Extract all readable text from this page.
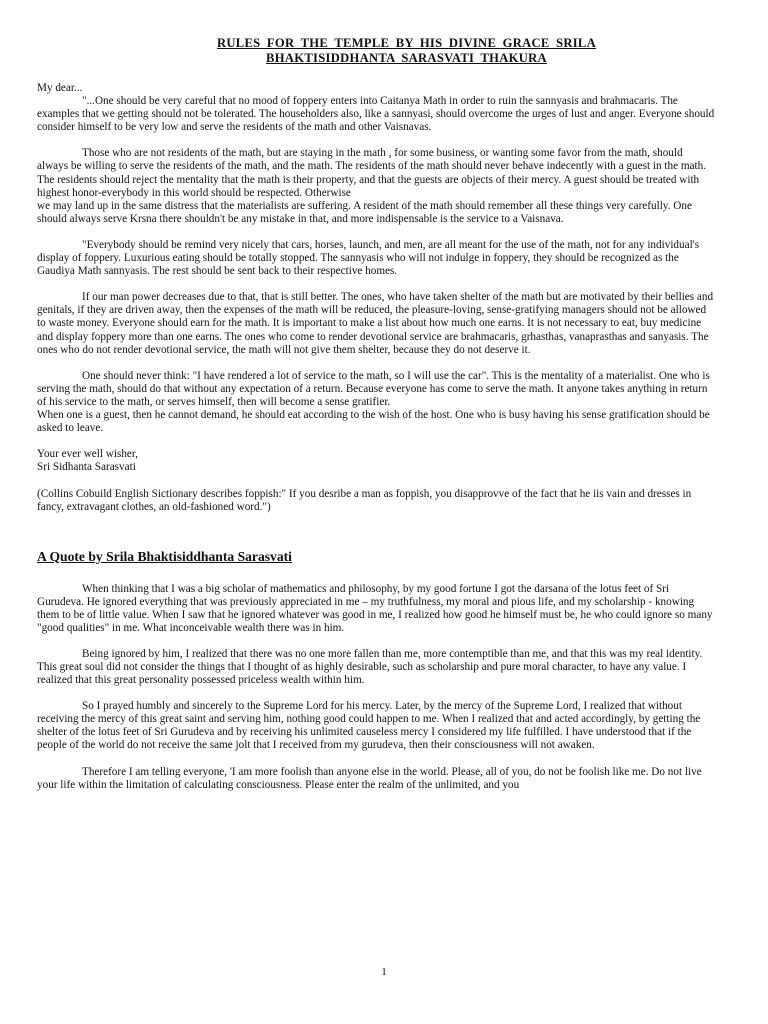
RULES FOR THE TEMPLE BY HIS DIVINE GRACE SRILA
BHAKTISIDDHANTA SARASVATI THAKURA

My dear...

"...One should be very careful that no mood of foppery enters into Caitanya Math in order to ruin the sannyasis and brahmacaris. The examples that we getting should not be tolerated. The householders also, like a sannyasi, should overcome the urges of lust and anger. Everyone should consider himself to be very low and serve the residents of the math and other Vaisnavas.

Those who are not residents of the math, but are staying in the math , for some business, or wanting some favor from the math, should always be willing to serve the residents of the math, and the math. The residents of the math should never behave indecently with a guest in the math. The residents should reject the mentality that the math is their property, and that the guests are objects of their mercy. A guest should be treated with highest honor-everybody in this world should be respected. Otherwise

we may land up in the same distress that the materialists are suffering. A resident of the math should remember all these things very carefully. One should always serve Krsna there shouldn't be any mistake in that, and more indispensable is the service to a Vaisnava.

"Everybody should be remind very nicely that cars, horses, launch, and men, are all meant for the use of the math, not for any individual's display of foppery. Luxurious eating should be totally stopped. The sannyasis who will not indulge in foppery, they should be recognized as the Gaudiya Math sannyasis. The rest should be sent back to their respective homes.

If our man power decreases due to that, that is still better. The ones, who have taken shelter of the math but are motivated by their bellies and genitals, if they are driven away, then the expenses of the math will be reduced, the pleasure-loving, sense-gratifying managers should not be allowed to waste money. Everyone should earn for the math. It is important to make a list about how much one earns. It is not necessary to eat, buy medicine and display foppery more than one earns. The ones who come to render devotional service are brahmacaris, grhasthas, vanaprasthas and sanyasis. The ones who do not render devotional service, the math will not give them shelter, because they do not deserve it.

One should never think: "I have rendered a lot of service to the math, so I will use the car". This is the mentality of a materialist. One who is serving the math, should do that without any expectation of a return. Because everyone has come to serve the math. It anyone takes anything in return of his service to the math, or serves himself, then will become a sense gratifier.

When one is a guest, then he cannot demand, he should eat according to the wish of the host. One who is busy having his sense gratification should be asked to leave.

Your ever well wisher,

Sri Sidhanta Sarasvati

(Collins Cobuild English Sictionary describes foppish:" If you desribe a man as foppish, you disapprovve of the fact that he iis vain and dresses in fancy, extravagant clothes, an old-fashioned word.")

A Quote by Srila Bhaktisiddhanta Sarasvati

When thinking that I was a big scholar of mathematics and philosophy, by my good fortune I got the darsana of the lotus feet of Sri Gurudeva. He ignored everything that was previously appreciated in me – my truthfulness, my moral and pious life, and my scholarship - knowing them to be of little value. When I saw that he ignored whatever was good in me, I realized how good he himself must be, he who could ignore so many "good qualities" in me. What inconceivable wealth there was in him.

Being ignored by him, I realized that there was no one more fallen than me, more contemptible than me, and that this was my real identity. This great soul did not consider the things that I thought of as highly desirable, such as scholarship and pure moral character, to have any value. I realized that this great personality possessed priceless wealth within him.

So I prayed humbly and sincerely to the Supreme Lord for his mercy. Later, by the mercy of the Supreme Lord, I realized that without receiving the mercy of this great saint and serving him, nothing good could happen to me. When I realized that and acted accordingly, by getting the shelter of the lotus feet of Sri Gurudeva and by receiving his unlimited causeless mercy I considered my life fulfilled. I have understood that if the people of the world do not receive the same jolt that I received from my gurudeva, then their consciousness will not awaken.

Therefore I am telling everyone, 'I am more foolish than anyone else in the world. Please, all of you, do not be foolish like me. Do not live your life within the limitation of calculating consciousness. Please enter the realm of the unlimited, and you

1
